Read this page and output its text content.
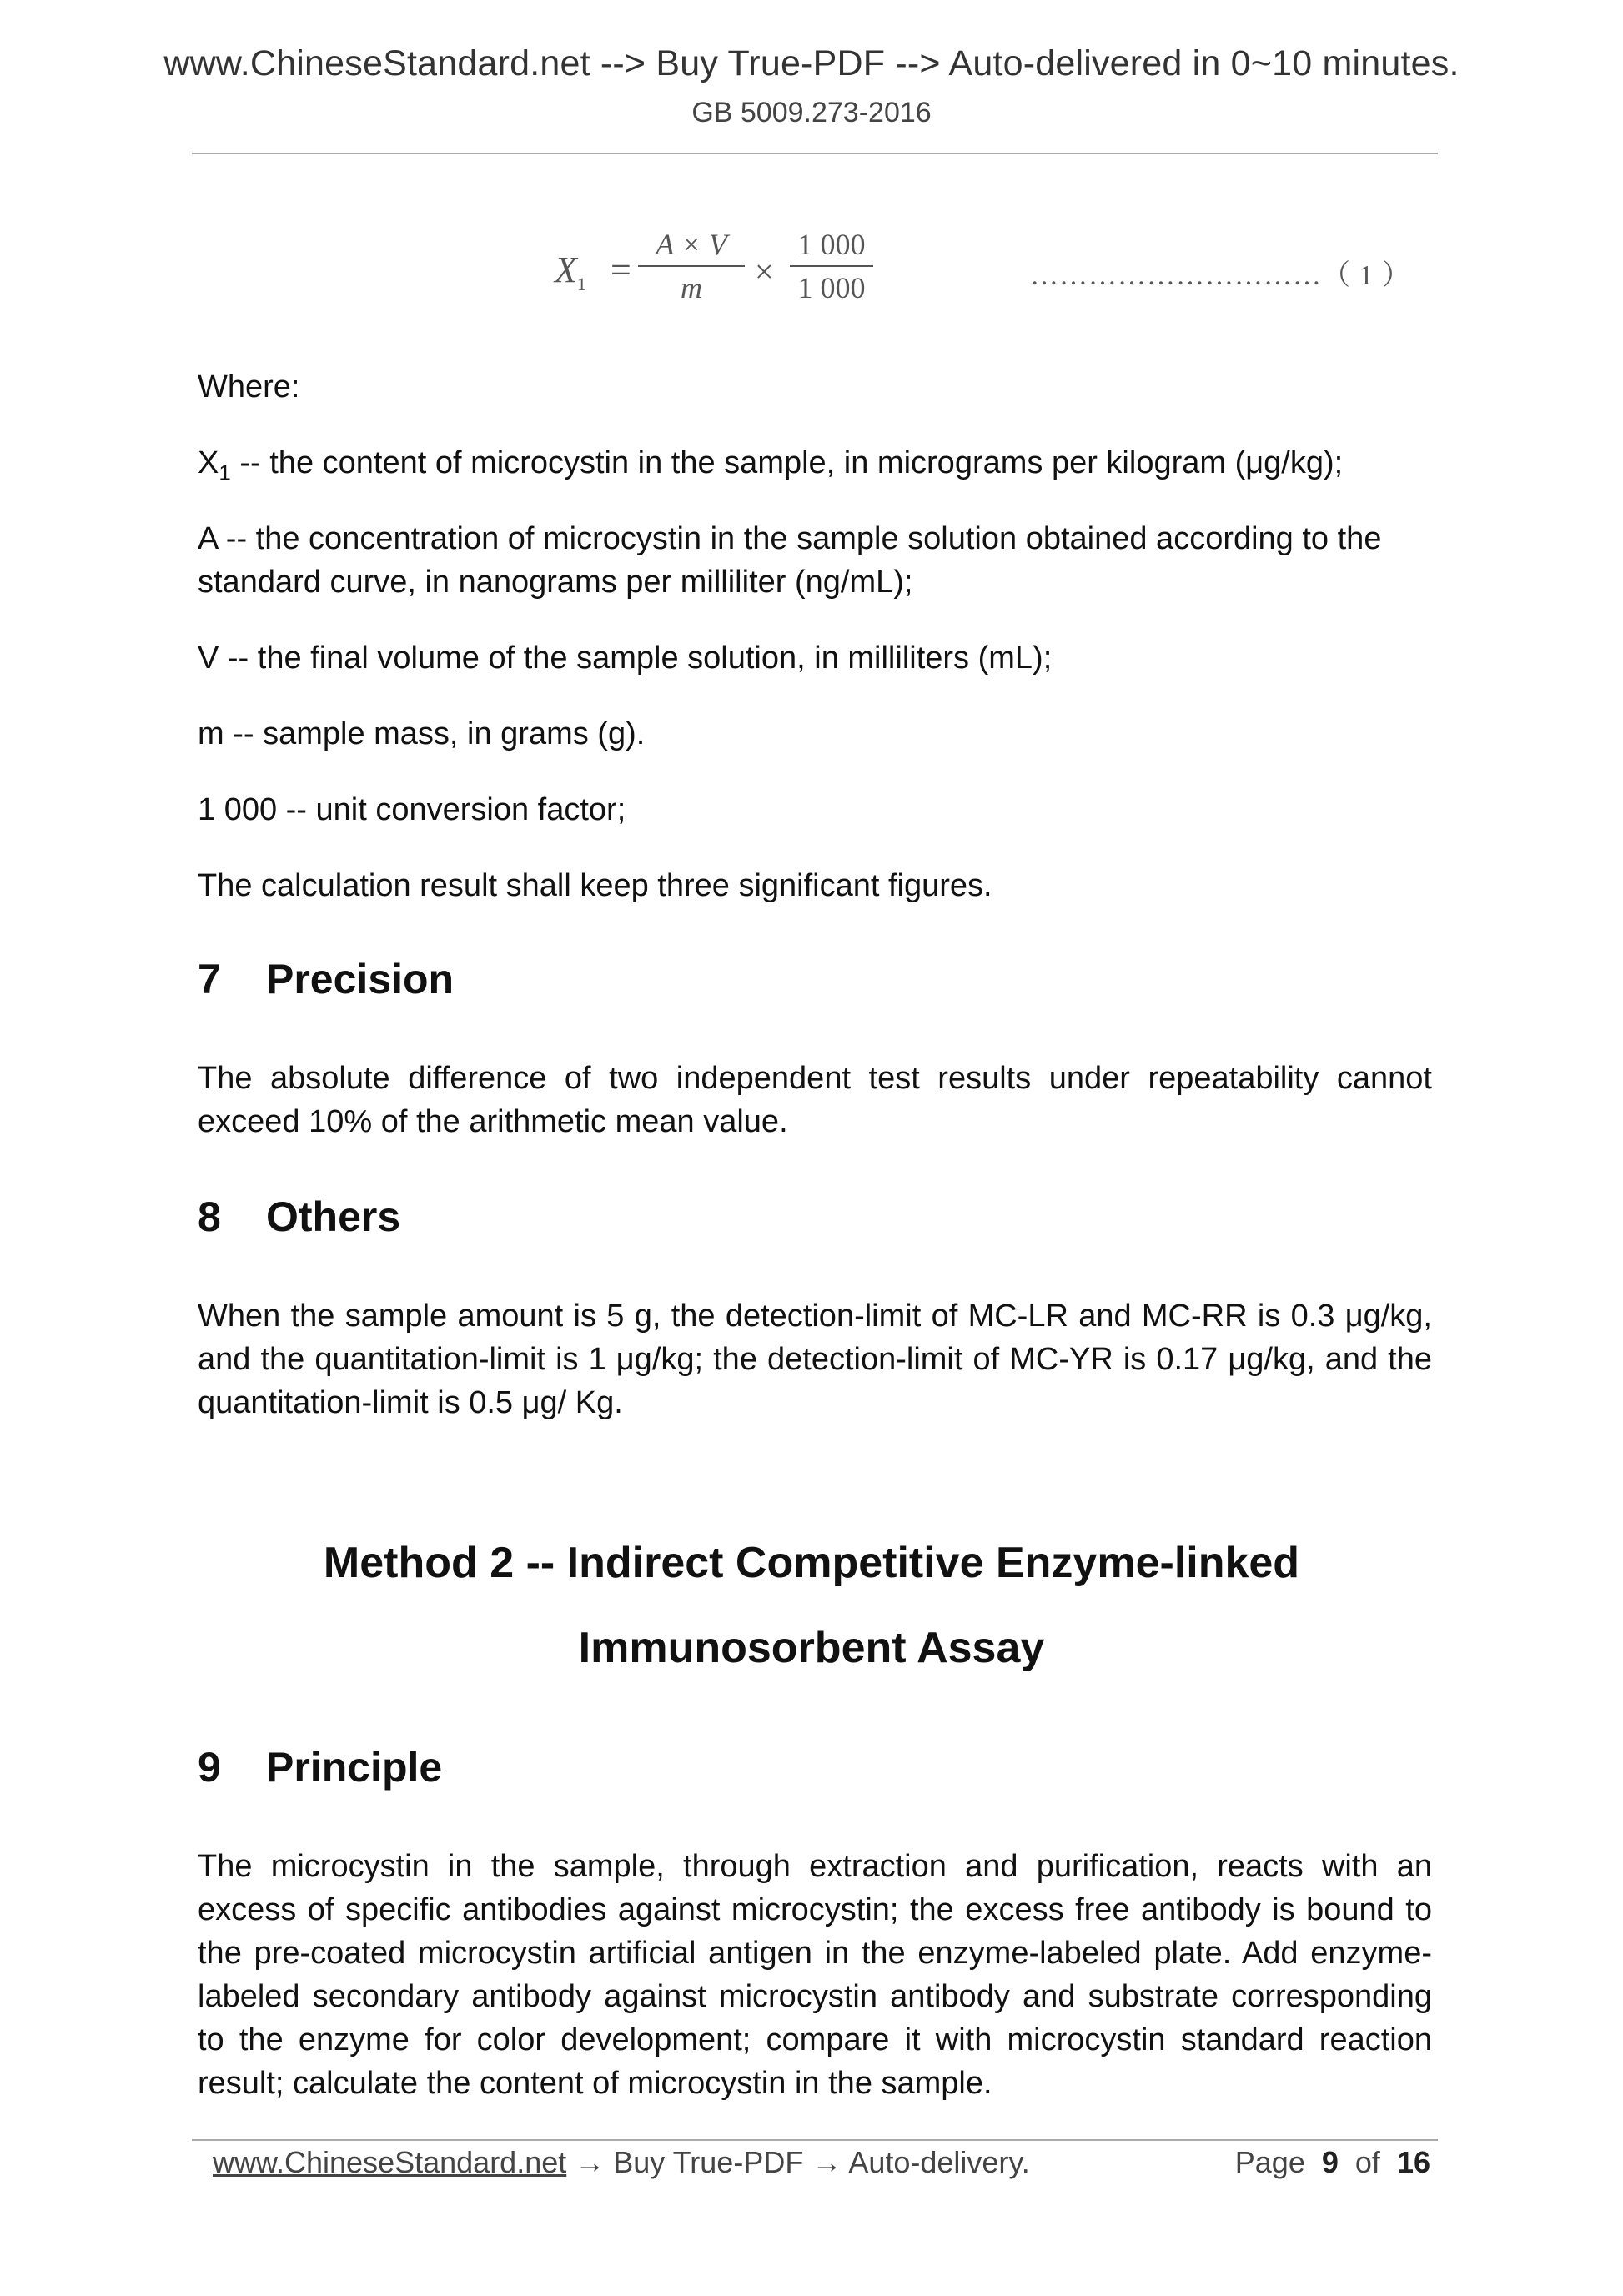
www.ChineseStandard.net --> Buy True-PDF --> Auto-delivered in 0~10 minutes.
GB 5009.273-2016
$X_1$ =
A × V
m ×
1 000
1 000	…………………………（ 1 ）
Where:
$X_1$ -- the content of microcystin in the sample, in micrograms per kilogram (μg/kg);
A -- the concentration of microcystin in the sample solution obtained according to the standard curve, in nanograms per milliliter (ng/mL);
V -- the final volume of the sample solution, in milliliters (mL);
m -- sample mass, in grams (g).
1 000 -- unit conversion factor;
The calculation result shall keep three significant figures.
7 Precision
The absolute difference of two independent test results under repeatability cannot exceed 10% of the arithmetic mean value.
8 Others
When the sample amount is 5 g, the detection-limit of MC-LR and MC-RR is 0.3 μg/kg, and the quantitation-limit is 1 μg/kg; the detection-limit of MC-YR is 0.17 μg/kg, and the quantitation-limit is 0.5 μg/ Kg.
Method 2 -- Indirect Competitive Enzyme-linked
Immunosorbent Assay
9 Principle
The microcystin in the sample, through extraction and purification, reacts with an excess of specific antibodies against microcystin; the excess free antibody is bound to the pre-coated microcystin artificial antigen in the enzyme-labeled plate. Add enzyme-labeled secondary antibody against microcystin antibody and substrate corresponding to the enzyme for color development; compare it with microcystin standard reaction result; calculate the content of microcystin in the sample.
www.ChineseStandard.net → Buy True-PDF → Auto-delivery.	Page 9 of 16
